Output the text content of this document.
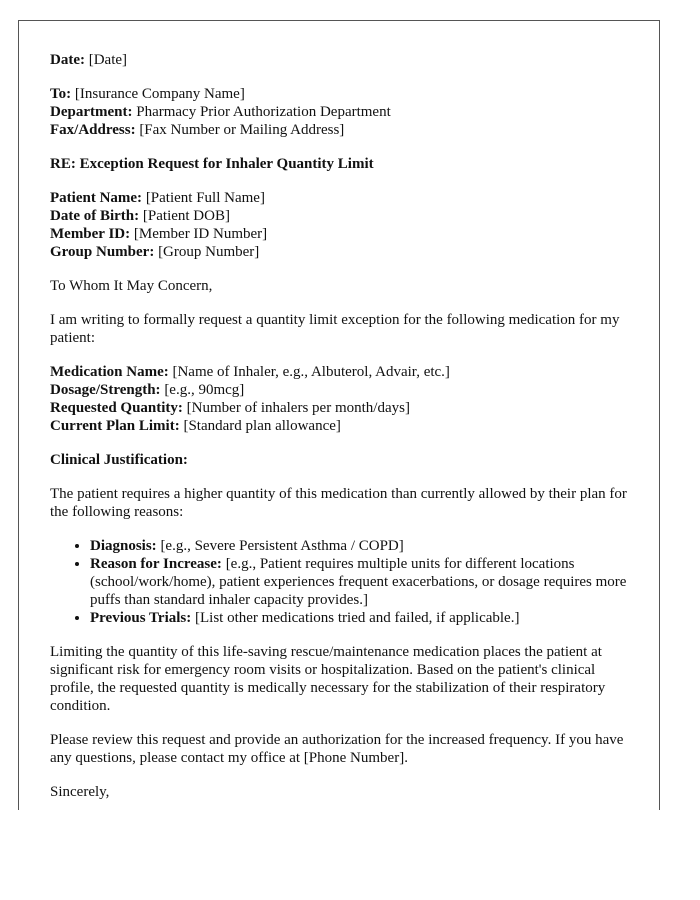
Date: [Date]

To: [Insurance Company Name]
Department: Pharmacy Prior Authorization Department
Fax/Address: [Fax Number or Mailing Address]

RE: Exception Request for Inhaler Quantity Limit

Patient Name: [Patient Full Name]
Date of Birth: [Patient DOB]
Member ID: [Member ID Number]
Group Number: [Group Number]

To Whom It May Concern,

I am writing to formally request a quantity limit exception for the following medication for my patient:

Medication Name: [Name of Inhaler, e.g., Albuterol, Advair, etc.]
Dosage/Strength: [e.g., 90mcg]
Requested Quantity: [Number of inhalers per month/days]
Current Plan Limit: [Standard plan allowance]

Clinical Justification:

The patient requires a higher quantity of this medication than currently allowed by their plan for the following reasons:

• Diagnosis: [e.g., Severe Persistent Asthma / COPD]
• Reason for Increase: [e.g., Patient requires multiple units for different locations (school/work/home), patient experiences frequent exacerbations, or dosage requires more puffs than standard inhaler capacity provides.]
• Previous Trials: [List other medications tried and failed, if applicable.]

Limiting the quantity of this life-saving rescue/maintenance medication places the patient at significant risk for emergency room visits or hospitalization. Based on the patient's clinical profile, the requested quantity is medically necessary for the stabilization of their respiratory condition.

Please review this request and provide an authorization for the increased frequency. If you have any questions, please contact my office at [Phone Number].

Sincerely,
